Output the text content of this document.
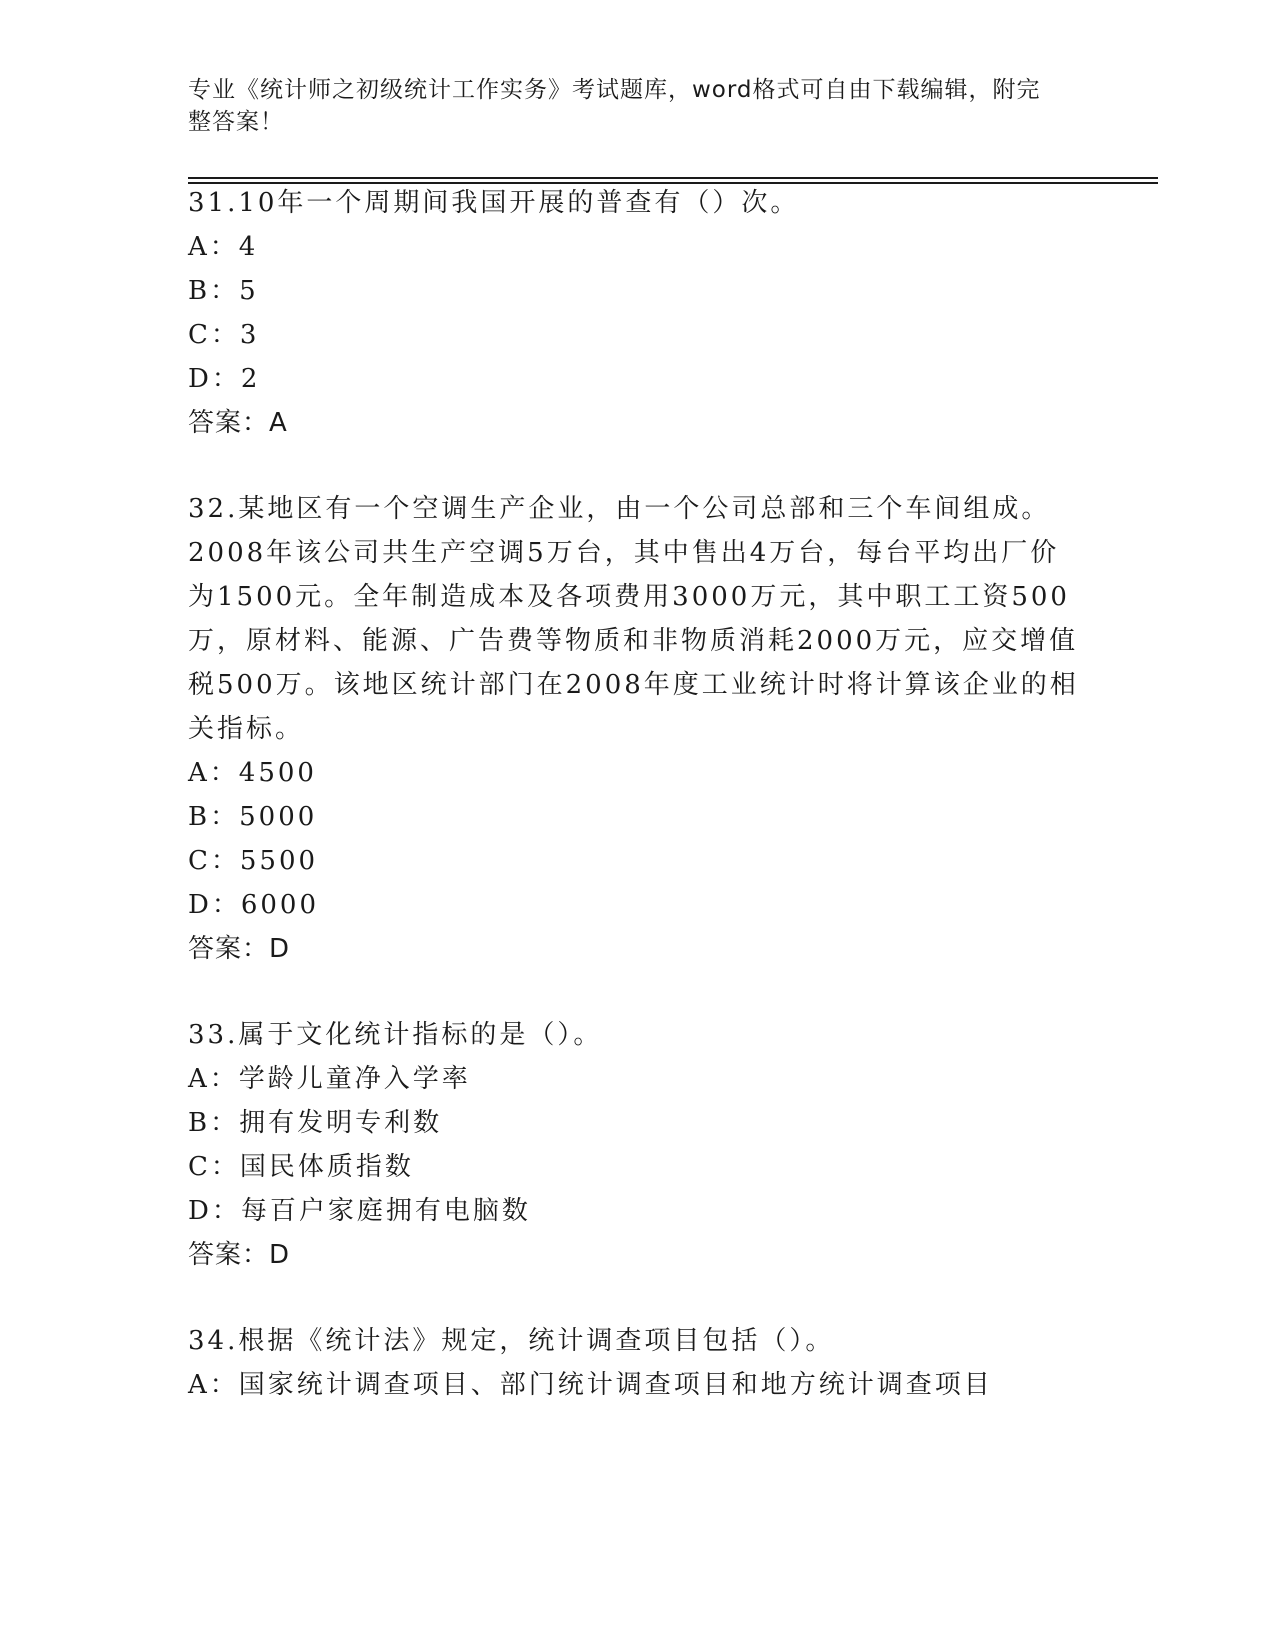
专业《统计师之初级统计工作实务》考试题库，word格式可自由下载编辑，附完
整答案！
31.10年一个周期间我国开展的普查有（）次。
A：4
B：5
C：3
D：2
答案：A
32.某地区有一个空调生产企业，由一个公司总部和三个车间组成。
2008年该公司共生产空调5万台，其中售出4万台，每台平均出厂价
为1500元。全年制造成本及各项费用3000万元，其中职工工资500
万，原材料、能源、广告费等物质和非物质消耗2000万元，应交增值
税500万。该地区统计部门在2008年度工业统计时将计算该企业的相
关指标。
A：4500
B：5000
C：5500
D：6000
答案：D
33.属于文化统计指标的是（）。
A：学龄儿童净入学率
B：拥有发明专利数
C：国民体质指数
D：每百户家庭拥有电脑数
答案：D
34.根据《统计法》规定，统计调查项目包括（）。
A：国家统计调查项目、部门统计调查项目和地方统计调查项目
